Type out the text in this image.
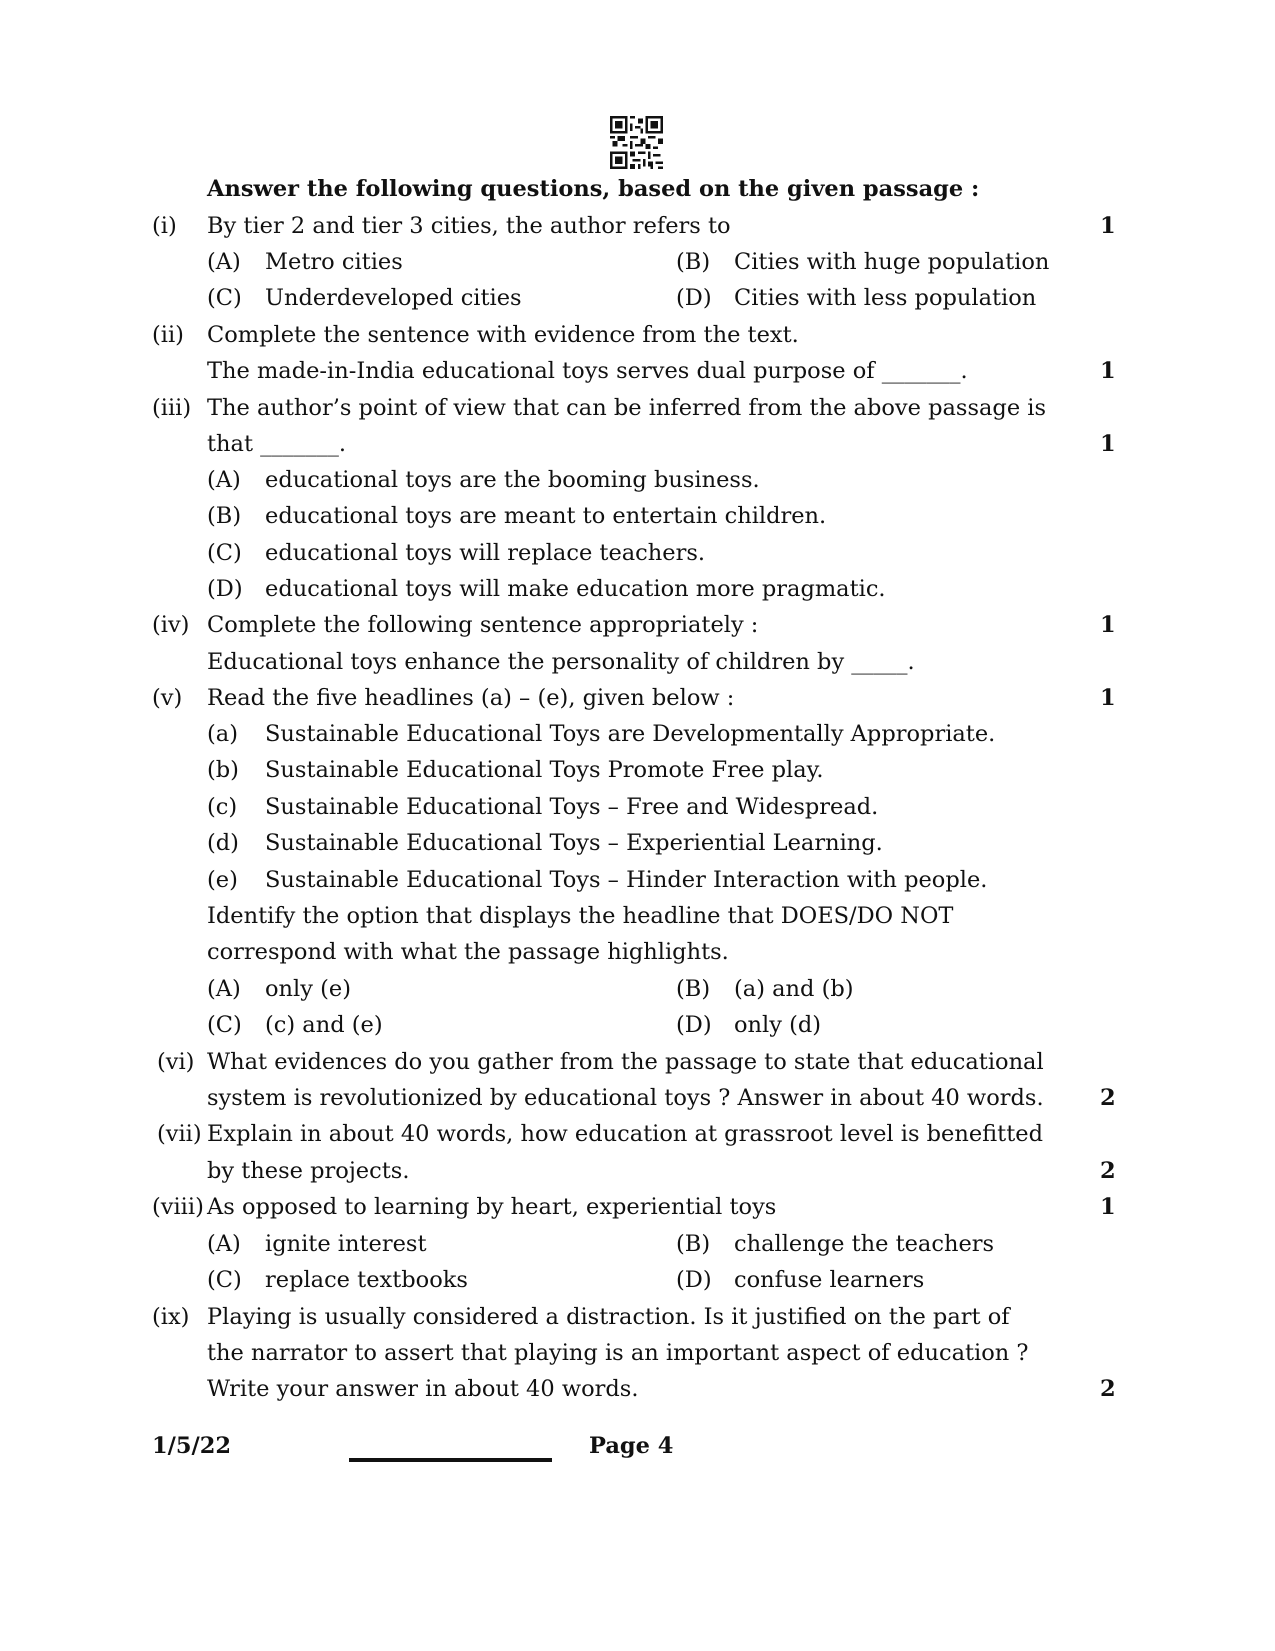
Answer the following questions, based on the given passage :
(i) By tier 2 and tier 3 cities, the author refers to	1
(A) Metro cities	(B) Cities with huge population
(C) Underdeveloped cities	(D) Cities with less population
(ii) Complete the sentence with evidence from the text.
The made-in-India educational toys serves dual purpose of _______.	1
(iii) The author’s point of view that can be inferred from the above passage is
that _______.	1
(A) educational toys are the booming business.
(B) educational toys are meant to entertain children.
(C) educational toys will replace teachers.
(D) educational toys will make education more pragmatic.
(iv) Complete the following sentence appropriately :	1
Educational toys enhance the personality of children by _____.
(v) Read the five headlines (a) – (e), given below :	1
(a) Sustainable Educational Toys are Developmentally Appropriate.
(b) Sustainable Educational Toys Promote Free play.
(c) Sustainable Educational Toys – Free and Widespread.
(d) Sustainable Educational Toys – Experiential Learning.
(e) Sustainable Educational Toys – Hinder Interaction with people.
Identify the option that displays the headline that DOES/DO NOT
correspond with what the passage highlights.
(A) only (e)	(B) (a) and (b)
(C) (c) and (e)	(D) only (d)
(vi) What evidences do you gather from the passage to state that educational
system is revolutionized by educational toys ? Answer in about 40 words.	2
(vii) Explain in about 40 words, how education at grassroot level is benefitted
by these projects.	2
(viii) As opposed to learning by heart, experiential toys	1
(A) ignite interest	(B) challenge the teachers
(C) replace textbooks	(D) confuse learners
(ix) Playing is usually considered a distraction. Is it justified on the part of
the narrator to assert that playing is an important aspect of education ?
Write your answer in about 40 words.	2
1/5/22	Page 4
